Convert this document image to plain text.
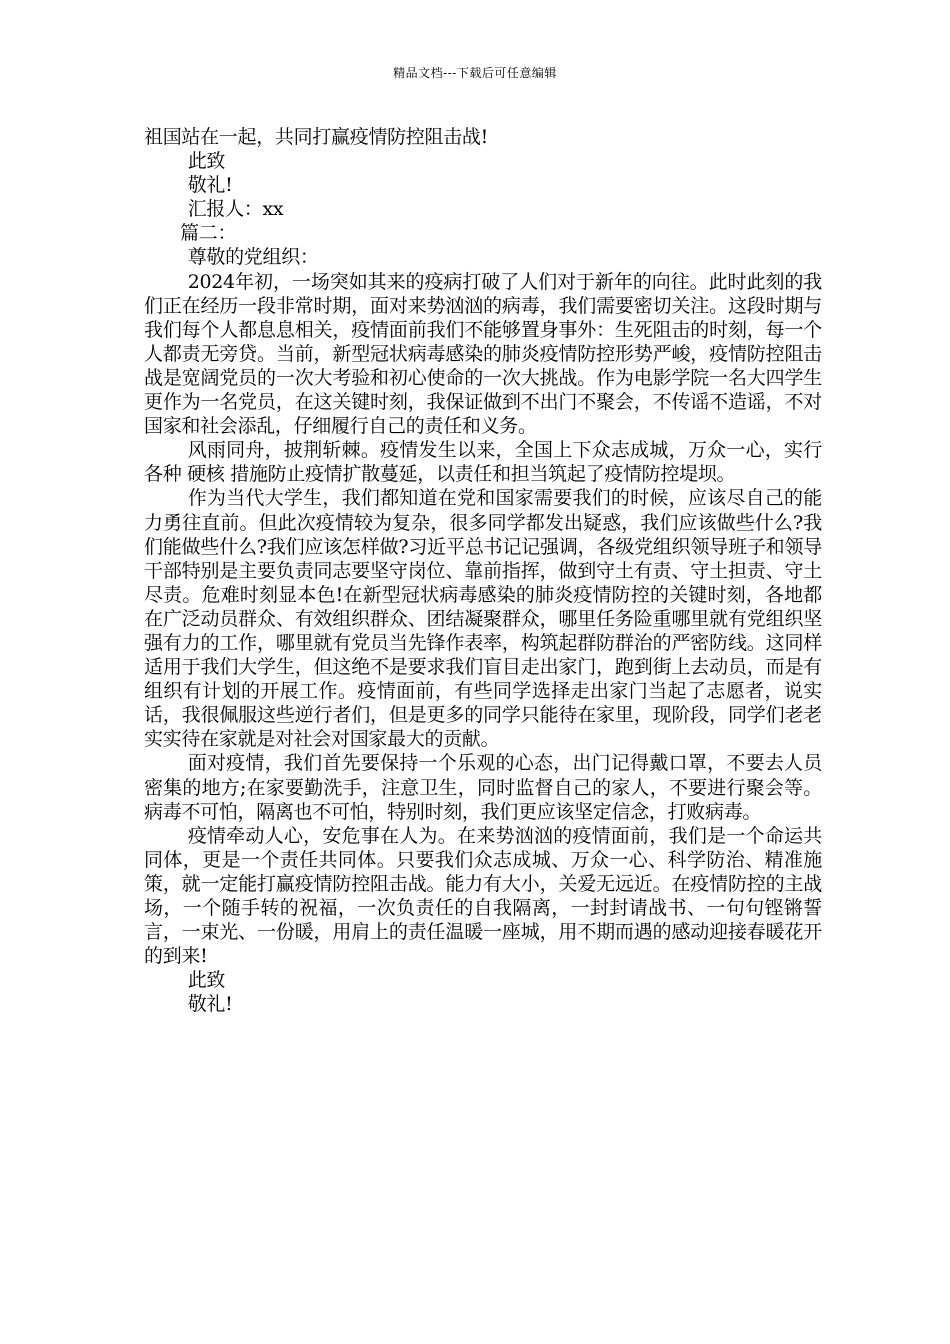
精品文档---下载后可任意编辑

祖国站在一起，共同打赢疫情防控阻击战!

此致

敬礼!

汇报人：xx

篇二：

尊敬的党组织：

2024年初，一场突如其来的疫病打破了人们对于新年的向往。此时此刻的我们正在经历一段非常时期，面对来势汹汹的病毒，我们需要密切关注。这段时期与我们每个人都息息相关，疫情面前我们不能够置身事外：生死阻击的时刻，每一个人都责无旁贷。当前，新型冠状病毒感染的肺炎疫情防控形势严峻，疫情防控阻击战是宽阔党员的一次大考验和初心使命的一次大挑战。作为电影学院一名大四学生更作为一名党员，在这关键时刻，我保证做到不出门不聚会，不传谣不造谣，不对国家和社会添乱，仔细履行自己的责任和义务。

风雨同舟，披荆斩棘。疫情发生以来，全国上下众志成城，万众一心，实行各种 硬核 措施防止疫情扩散蔓延，以责任和担当筑起了疫情防控堤坝。

作为当代大学生，我们都知道在党和国家需要我们的时候，应该尽自己的能力勇往直前。但此次疫情较为复杂，很多同学都发出疑惑，我们应该做些什么?我们能做些什么?我们应该怎样做?习近平总书记记强调，各级党组织领导班子和领导干部特别是主要负责同志要坚守岗位、靠前指挥，做到守土有责、守土担责、守土尽责。危难时刻显本色!在新型冠状病毒感染的肺炎疫情防控的关键时刻，各地都在广泛动员群众、有效组织群众、团结凝聚群众，哪里任务险重哪里就有党组织坚强有力的工作，哪里就有党员当先锋作表率，构筑起群防群治的严密防线。这同样适用于我们大学生，但这绝不是要求我们盲目走出家门，跑到街上去动员，而是有组织有计划的开展工作。疫情面前，有些同学选择走出家门当起了志愿者，说实话，我很佩服这些逆行者们，但是更多的同学只能待在家里，现阶段，同学们老老实实待在家就是对社会对国家最大的贡献。

面对疫情，我们首先要保持一个乐观的心态，出门记得戴口罩，不要去人员密集的地方;在家要勤洗手，注意卫生，同时监督自己的家人，不要进行聚会等。病毒不可怕，隔离也不可怕，特别时刻，我们更应该坚定信念，打败病毒。

疫情牵动人心，安危事在人为。在来势汹汹的疫情面前，我们是一个命运共同体，更是一个责任共同体。只要我们众志成城、万众一心、科学防治、精准施策，就一定能打赢疫情防控阻击战。能力有大小，关爱无远近。在疫情防控的主战场，一个随手转的祝福，一次负责任的自我隔离，一封封请战书、一句句铿锵誓言，一束光、一份暖，用肩上的责任温暖一座城，用不期而遇的感动迎接春暖花开的到来!

此致

敬礼!
